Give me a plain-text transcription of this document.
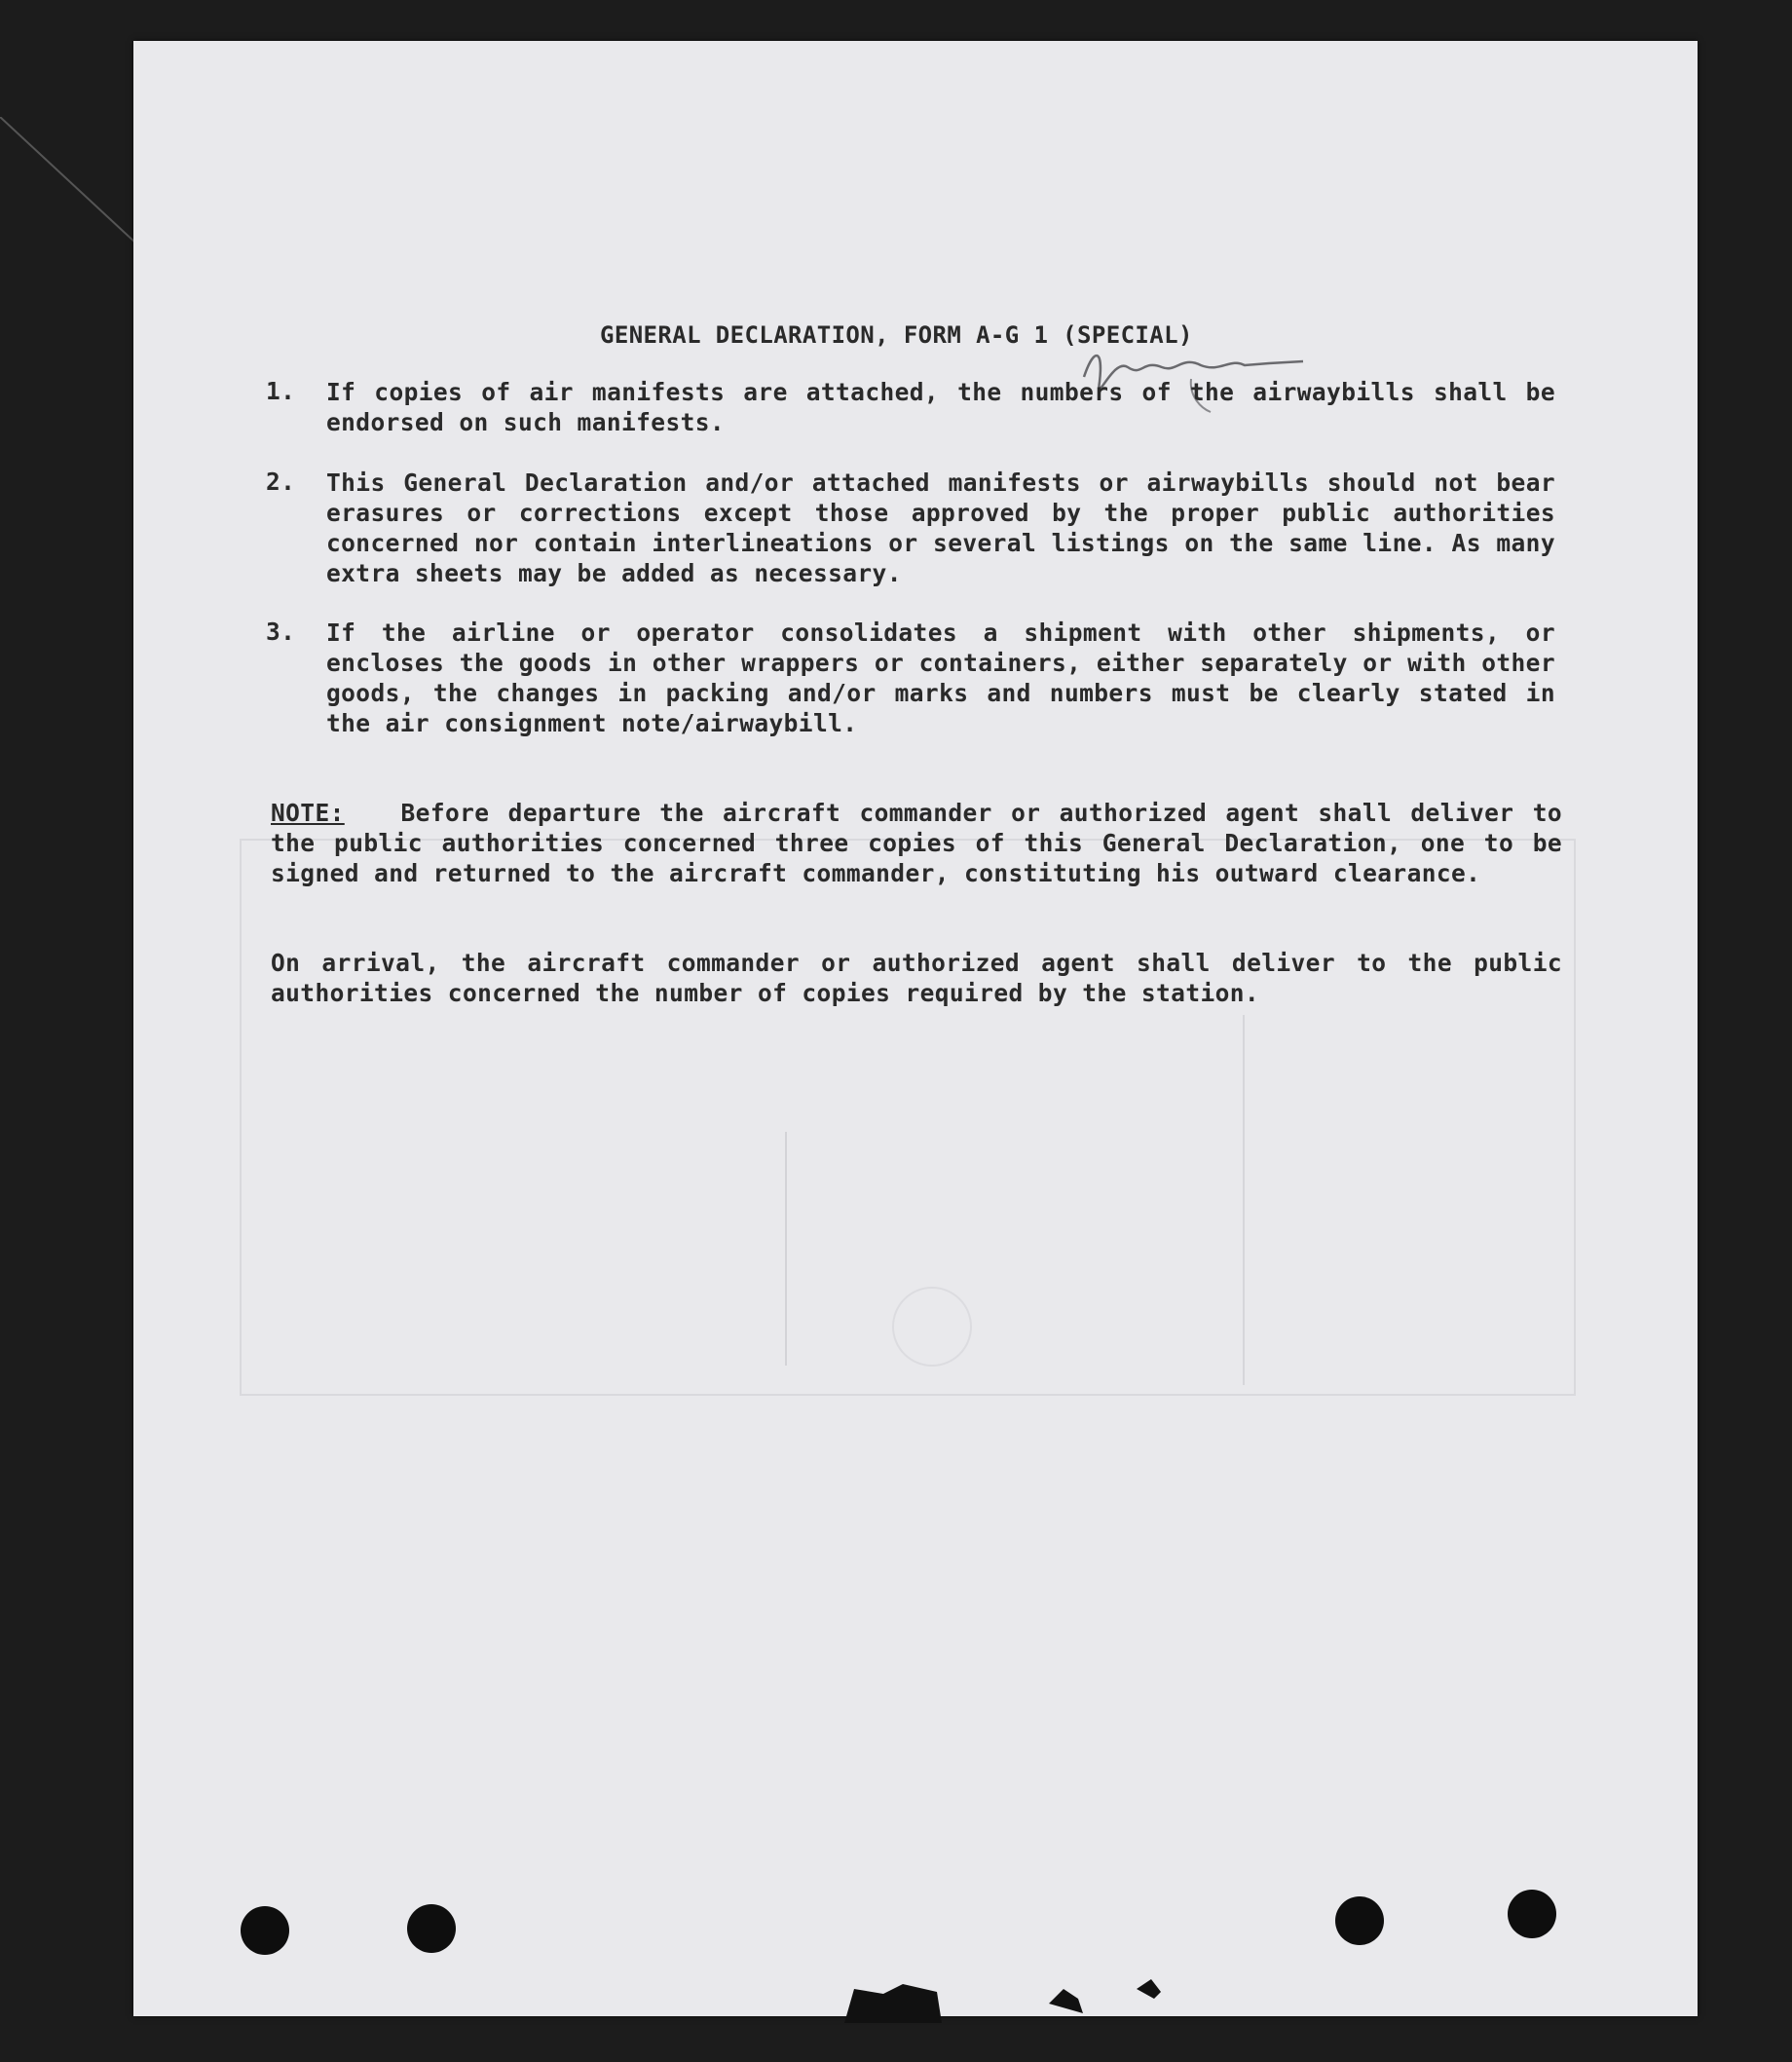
GENERAL DECLARATION, FORM A-G 1 (SPECIAL)
1. If copies of air manifests are attached, the numbers of the airwaybills shall be endorsed on such manifests.

2. This General Declaration and/or attached manifests or airwaybills should not bear erasures or corrections except those approved by the proper public authorities concerned nor contain interlineations or several listings on the same line. As many extra sheets may be added as necessary.

3. If the airline or operator consolidates a shipment with other shipments, or encloses the goods in other wrappers or containers, either separately or with other goods, the changes in packing and/or marks and numbers must be clearly stated in the air consignment note/airwaybill.

NOTE: Before departure the aircraft commander or authorized agent shall deliver to the public authorities concerned three copies of this General Declaration, one to be signed and returned to the aircraft commander, constituting his outward clearance.

On arrival, the aircraft commander or authorized agent shall deliver to the public authorities concerned the number of copies required by the station.
